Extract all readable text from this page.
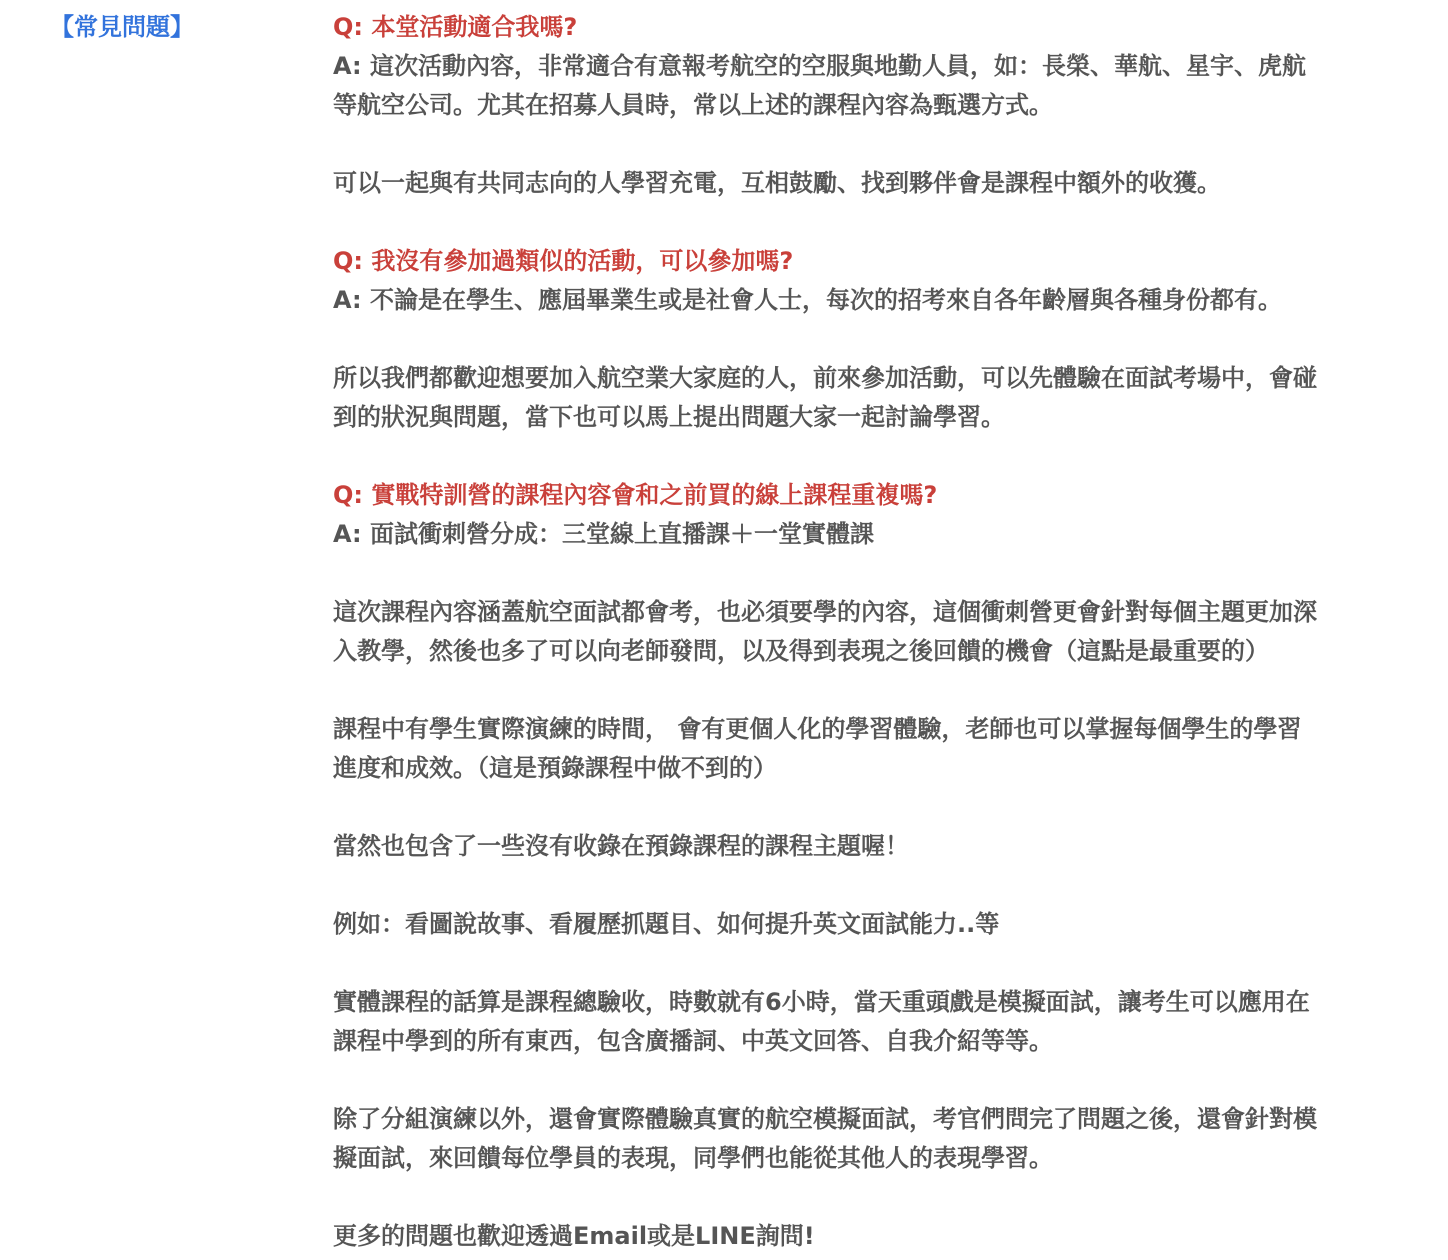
【常見問題】	Q: 本堂活動適合我嗎?
A: 這次活動內容，非常適合有意報考航空的空服與地勤人員，如：長榮、華航、星宇、虎航
等航空公司。尤其在招募人員時，常以上述的課程內容為甄選方式。
可以一起與有共同志向的人學習充電，互相鼓勵、找到夥伴會是課程中額外的收獲。
Q: 我沒有參加過類似的活動，可以參加嗎?
A: 不論是在學生、應屆畢業生或是社會人士，每次的招考來自各年齡層與各種身份都有。
所以我們都歡迎想要加入航空業大家庭的人，前來參加活動，可以先體驗在面試考場中，會碰
到的狀況與問題，當下也可以馬上提出問題大家一起討論學習。
Q: 實戰特訓營的課程內容會和之前買的線上課程重複嗎?
A: 面試衝刺營分成：三堂線上直播課＋一堂實體課
這次課程內容涵蓋航空面試都會考，也必須要學的內容，這個衝刺營更會針對每個主題更加深
入教學，然後也多了可以向老師發問，以及得到表現之後回饋的機會（這點是最重要的）
課程中有學生實際演練的時間， 會有更個人化的學習體驗，老師也可以掌握每個學生的學習
進度和成效。（這是預錄課程中做不到的）
當然也包含了一些沒有收錄在預錄課程的課程主題喔！
例如：看圖說故事、看履歷抓題目、如何提升英文面試能力..等
實體課程的話算是課程總驗收，時數就有6小時，當天重頭戲是模擬面試，讓考生可以應用在
課程中學到的所有東西，包含廣播詞、中英文回答、自我介紹等等。
除了分組演練以外，還會實際體驗真實的航空模擬面試，考官們問完了問題之後，還會針對模
擬面試，來回饋每位學員的表現，同學們也能從其他人的表現學習。
更多的問題也歡迎透過Email或是LINE詢問!
